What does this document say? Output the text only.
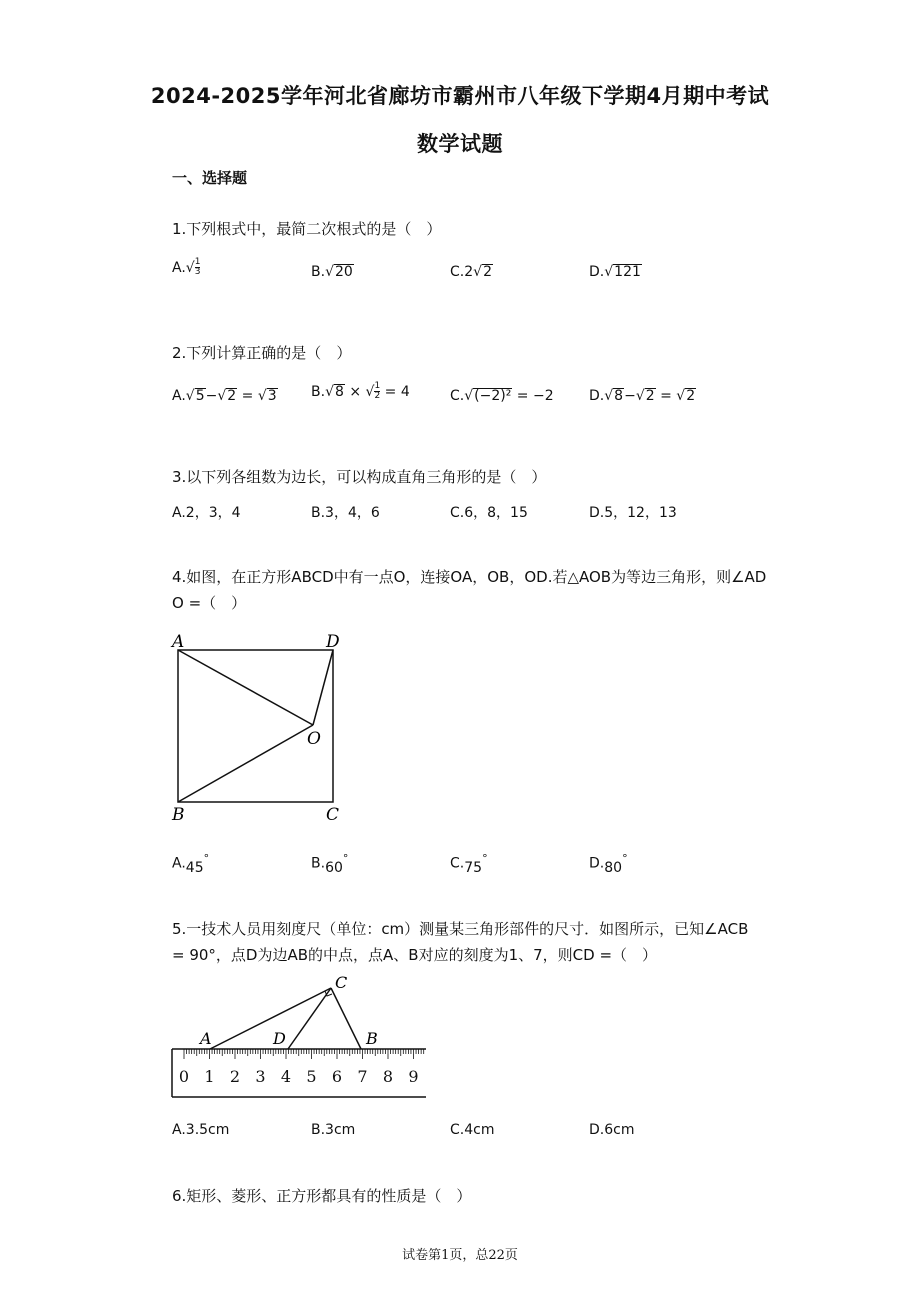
2024-2025学年河北省廊坊市霸州市八年级下学期4月期中考试
数学试题
一、选择题
1.下列根式中，最简二次根式的是（　）
$A.√ \frac{1}{3}$	B.√20	C.2√2	D.√121
2.下列计算正确的是（　）
A.√5−√2 = √3 B.√8 × √ $\frac{1}{2} = 4$	C.√(−2)² = −2	D.√8−√2 = √2
3.以下列各组数为边长，可以构成直角三角形的是（　）
A.2，3，4	B.3，4，6	C.6，8，15	D.5，12，13
4.如图，在正方形ABCD中有一点O，连接OA，OB，OD.若△AOB为等边三角形，则∠AD
O =（　）
A	D
O
B	C
A.45°	B.60°	C.75°	D.80°
5.一技术人员用刻度尺（单位：cm）测量某三角形部件的尺寸．如图所示，已知∠ACB
= 90°，点D为边AB的中点，点A、B对应的刻度为1、7，则CD =（　）
0 1 2 3 4 5 6 7 8 9
C
A	D	B
A.3.5cm	B.3cm	C.4cm	D.6cm
6.矩形、菱形、正方形都具有的性质是（　）
试卷第1页，总22页
